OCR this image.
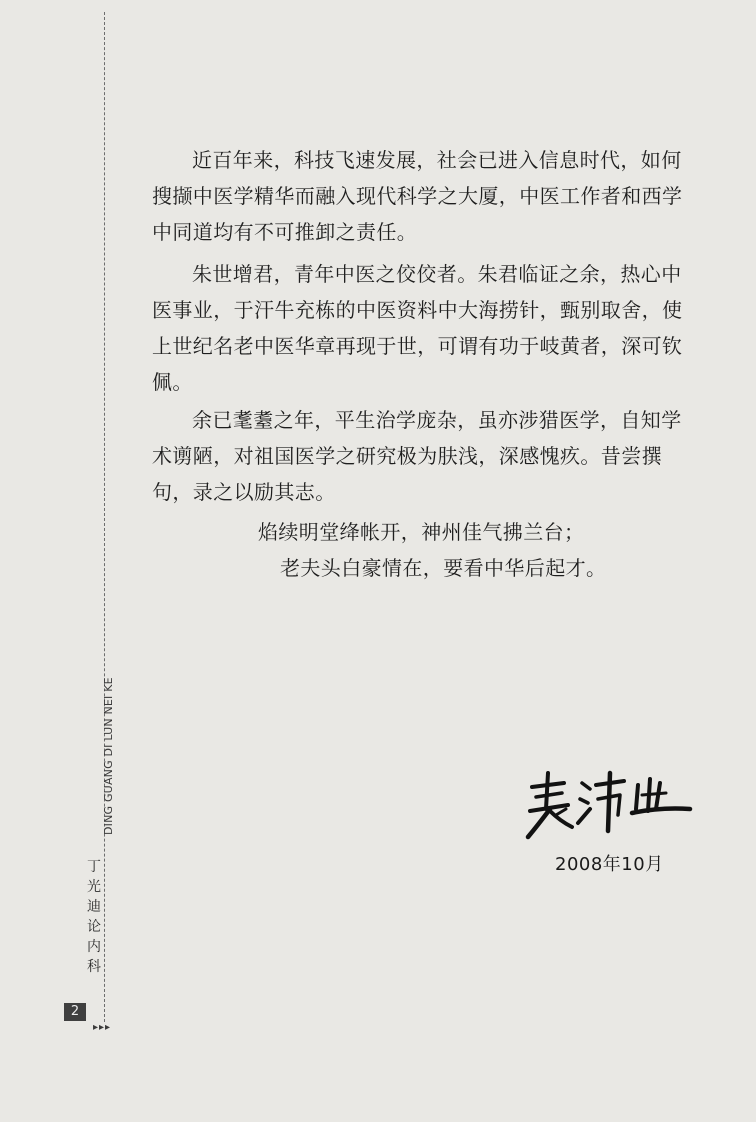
近百年来，科技飞速发展，社会已进入信息时代，如何搜撷中医学精华而融入现代科学之大厦，中医工作者和西学中同道均有不可推卸之责任。

朱世增君，青年中医之佼佼者。朱君临证之余，热心中医事业，于汗牛充栋的中医资料中大海捞针，甄别取舍，使上世纪名老中医华章再现于世，可谓有功于岐黄者，深可钦佩。

余已耄耋之年，平生治学庞杂，虽亦涉猎医学，自知学术谫陋，对祖国医学之研究极为肤浅，深感愧疚。昔尝撰句，录之以励其志。

焰续明堂绛帐开，神州佳气拂兰台；
老夫头白豪情在，要看中华后起才。
2008年10月
DING GUANG DI LUN NEI KE
丁
光
迪
论
内
科
2
▸▸▸
